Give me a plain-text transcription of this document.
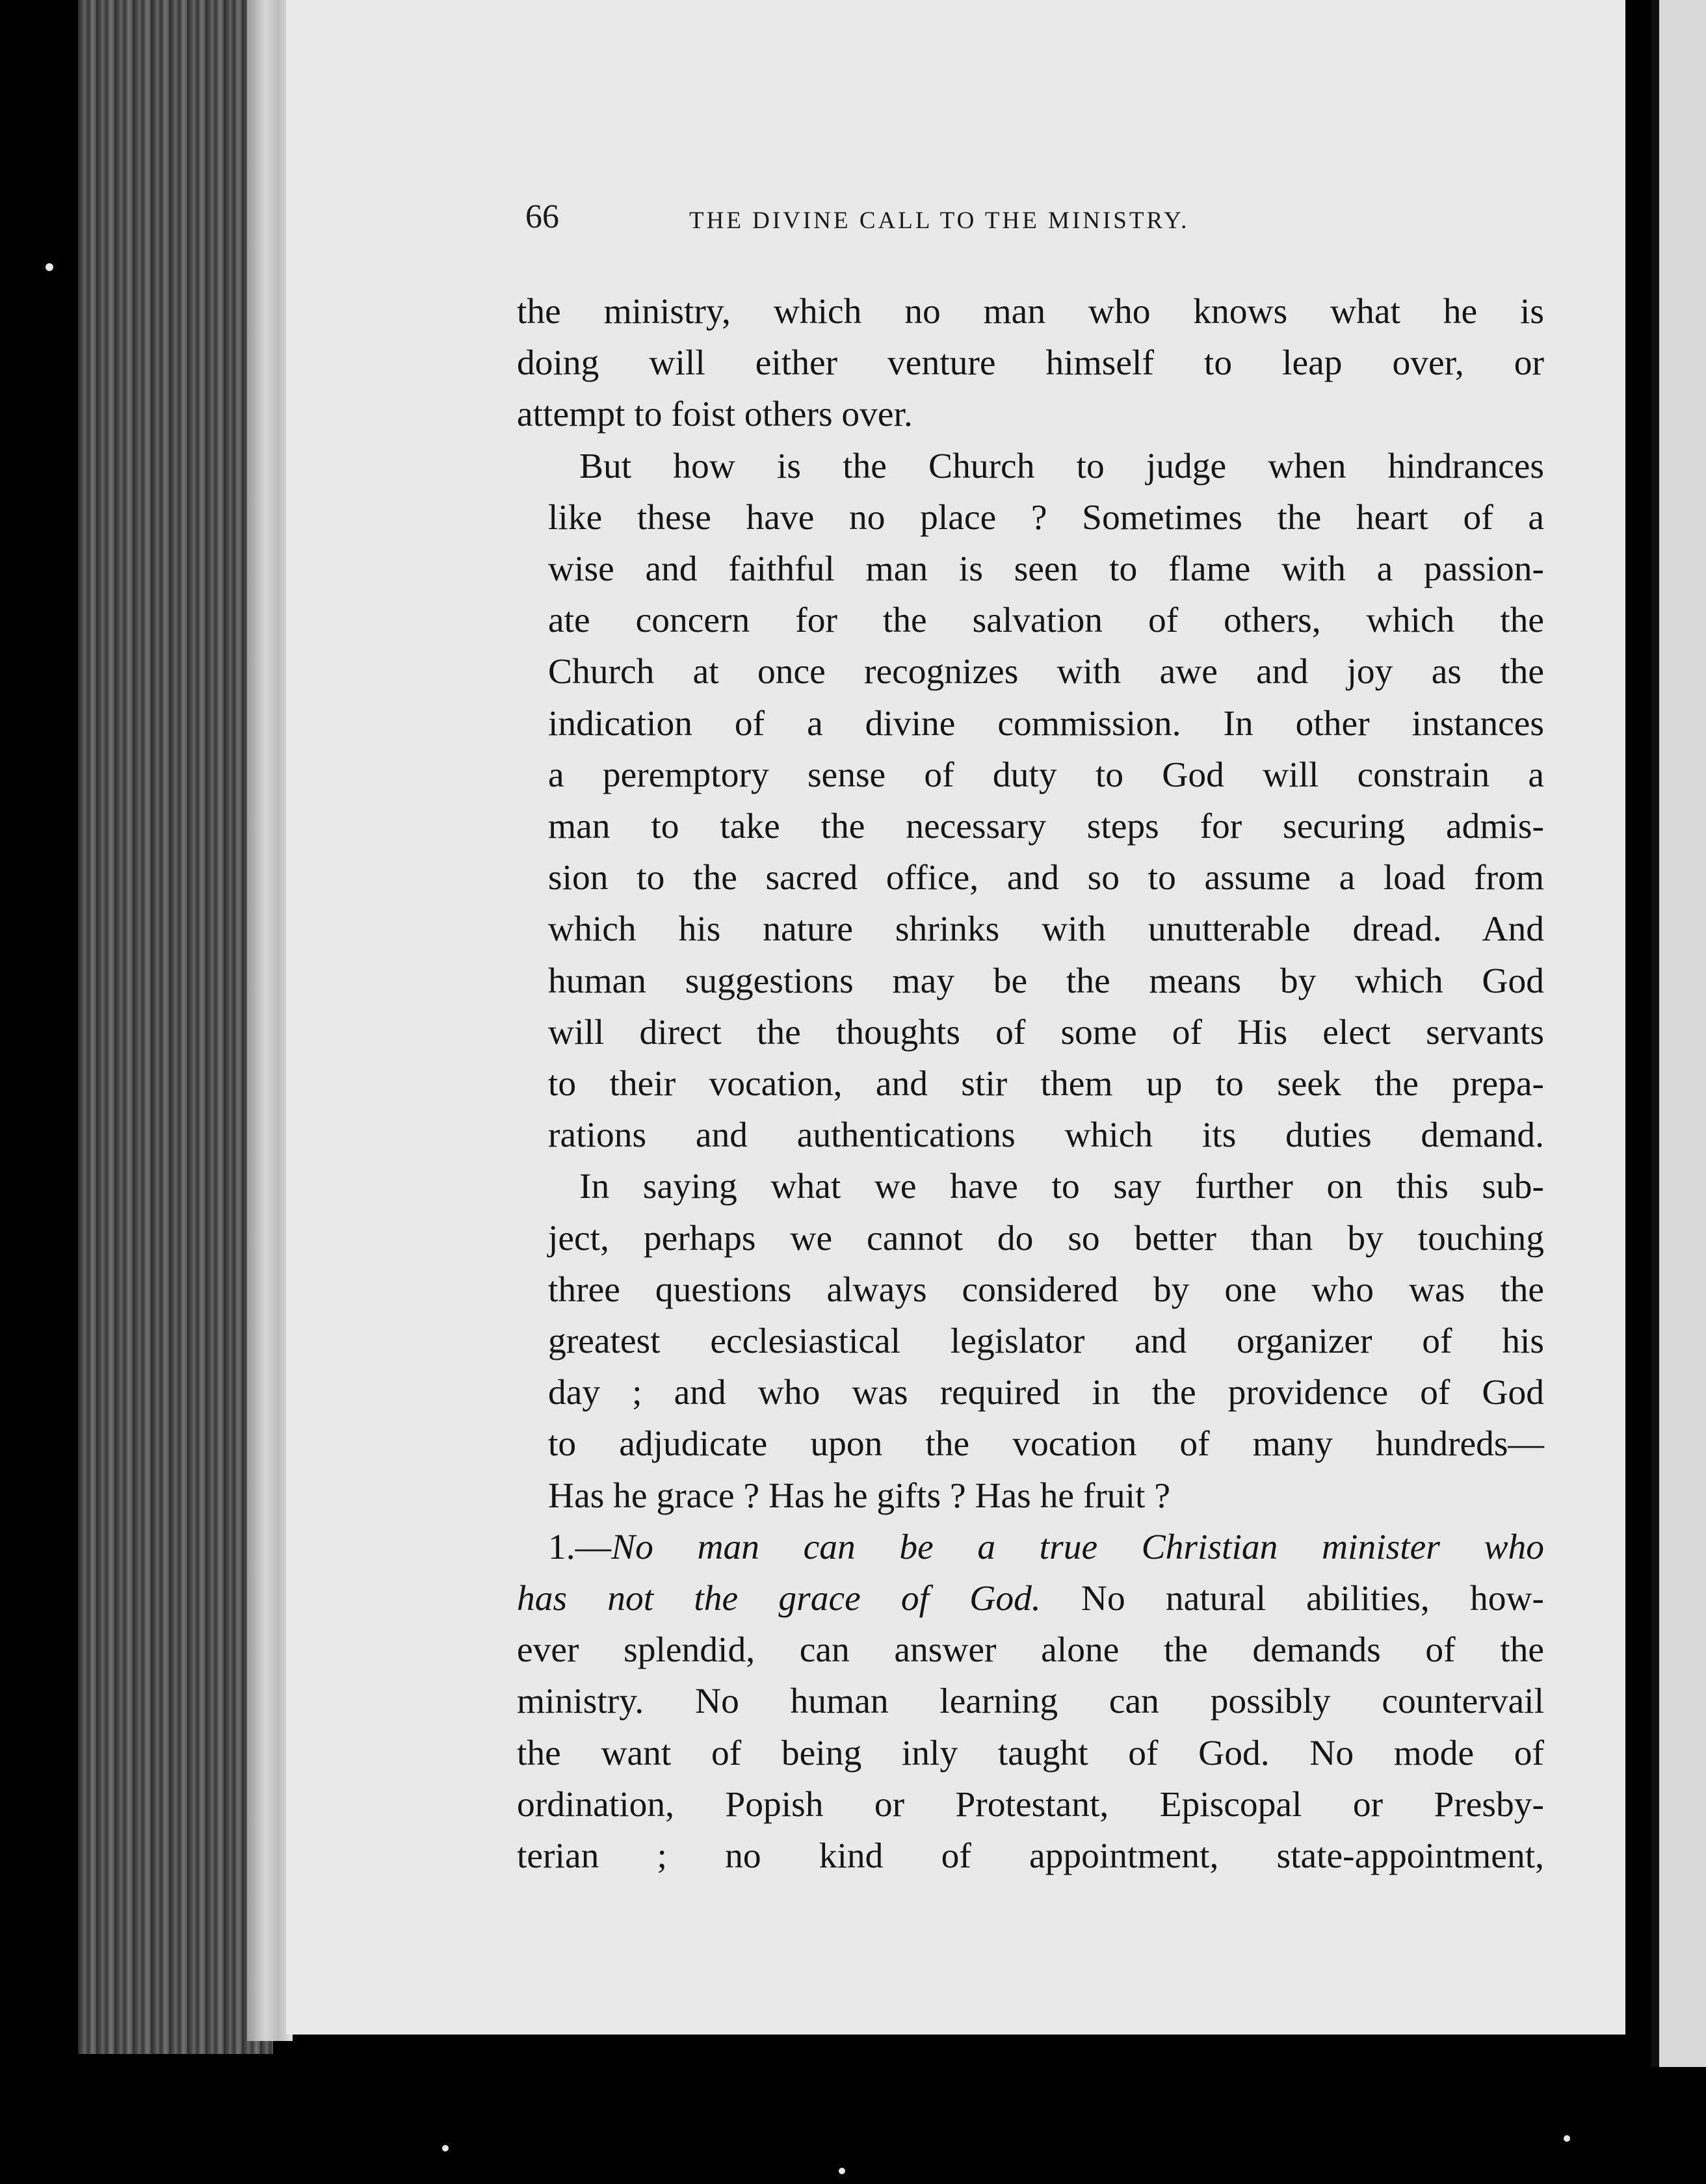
66	THE DIVINE CALL TO THE MINISTRY.

the ministry, which no man who knows what he is
doing will either venture himself to leap over, or
attempt to foist others over.

But how is the Church to judge when hindrances
like these have no place ? Sometimes the heart of a
wise and faithful man is seen to flame with a passion-
ate concern for the salvation of others, which the
Church at once recognizes with awe and joy as the
indication of a divine commission. In other instances
a peremptory sense of duty to God will constrain a
man to take the necessary steps for securing admis-
sion to the sacred office, and so to assume a load from
which his nature shrinks with unutterable dread. And
human suggestions may be the means by which God
will direct the thoughts of some of His elect servants
to their vocation, and stir them up to seek the prepa-
rations and authentications which its duties demand.

In saying what we have to say further on this sub-
ject, perhaps we cannot do so better than by touching
three questions always considered by one who was the
greatest ecclesiastical legislator and organizer of his
day ; and who was required in the providence of God
to adjudicate upon the vocation of many hundreds—
Has he grace ? Has he gifts ? Has he fruit ?

1.—No man can be a true Christian minister who
has not the grace of God. No natural abilities, how-
ever splendid, can answer alone the demands of the
ministry. No human learning can possibly countervail
the want of being inly taught of God. No mode of
ordination, Popish or Protestant, Episcopal or Presby-
terian ; no kind of appointment, state-appointment,
